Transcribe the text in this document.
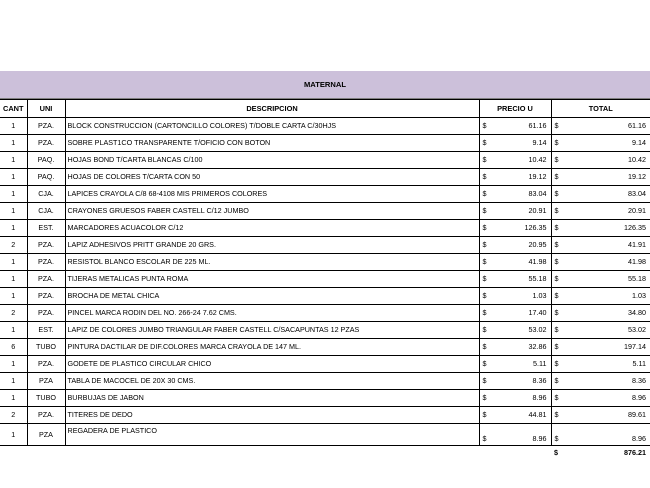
MATERNAL
CANT	UNI	DESCRIPCION	PRECIO U	TOTAL
1	PZA.	BLOCK CONSTRUCCION (CARTONCILLO COLORES) T/DOBLE CARTA C/30HJS	$ 61.16	$ 61.16

1	PZA.	SOBRE PLAST1CO TRANSPARENTE T/OFICIO CON BOTON	$ 9.14	$ 9.14

1	PAQ.	HOJAS BOND T/CARTA BLANCAS C/100	$ 10.42	$ 10.42

1	PAQ.	HOJAS DE COLORES T/CARTA CON 50	$ 19.12	$ 19.12

1	CJA.	LAPICES CRAYOLA C/8 68-4108 MIS PRIMEROS COLORES	$ 83.04	$ 83.04

1	CJA.	CRAYONES GRUESOS FABER CASTELL C/12 JUMBO	$ 20.91	$ 20.91

1	EST.	MARCADORES ACUACOLOR C/12	$ 126.35	$ 126.35

2	PZA.	LAPIZ ADHESIVOS PRITT GRANDE 20 GRS.	$ 20.95	$ 41.91

1	PZA.	RESISTOL BLANCO ESCOLAR DE 225 ML.	$ 41.98	$ 41.98

1	PZA.	TIJERAS METALICAS PUNTA ROMA	$ 55.18	$ 55.18

1	PZA.	BROCHA DE METAL CHICA	$ 1.03	$ 1.03

2	PZA.	PINCEL MARCA RODIN DEL NO. 266-24 7.62 CMS.	$ 17.40	$ 34.80

1	EST.	LAPIZ DE COLORES JUMBO TRIANGULAR FABER CASTELL C/SACAPUNTAS 12 PZAS	$ 53.02	$ 53.02

6	TUBO	PINTURA DACTILAR DE DIF.COLORES MARCA CRAYOLA DE 147 ML.	$ 32.86	$ 197.14

1	PZA.	GODETE DE PLASTICO CIRCULAR CHICO	$ 5.11	$ 5.11

1	PZA	TABLA DE MACOCEL DE 20X 30 CMS.	$ 8.36	$ 8.36

1	TUBO	BURBUJAS DE JABON	$ 8.96	$ 8.96

2	PZA.	TITERES DE DEDO	$ 44.81	$ 89.61

1	PZA	REGADERA DE PLASTICO	$ 8.96	$ 8.96

				$ 876.21
